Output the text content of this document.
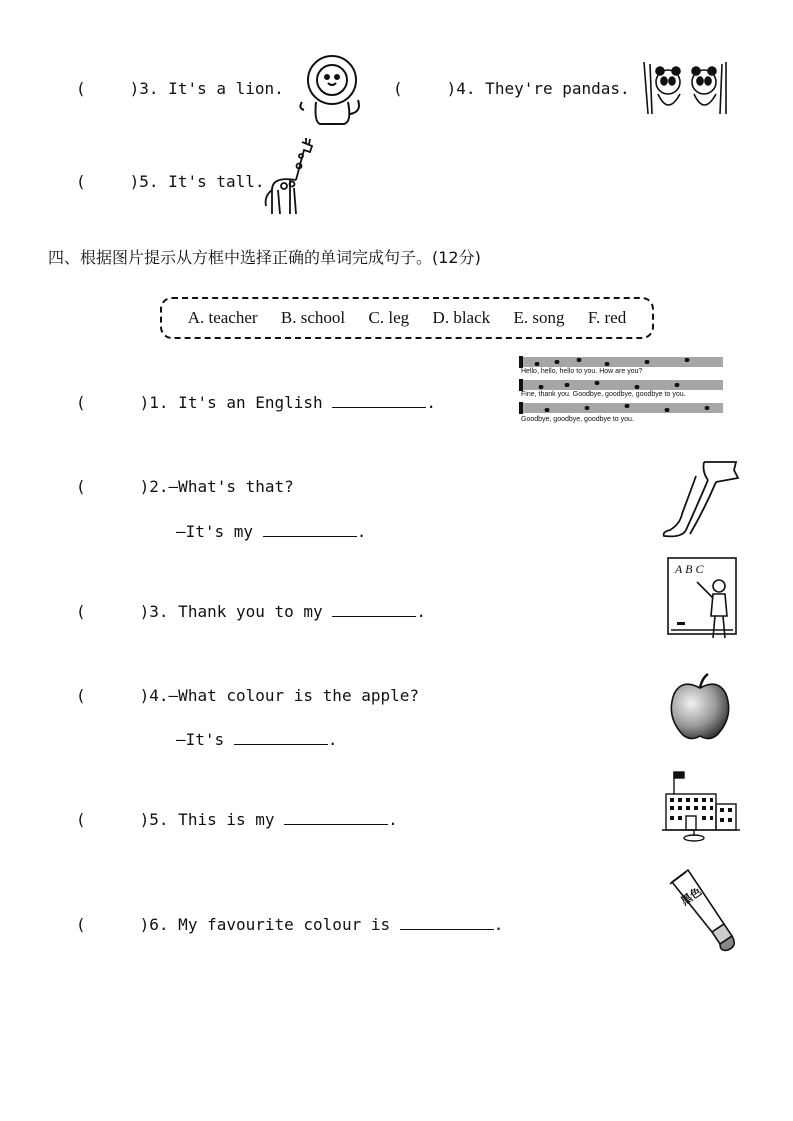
(	)3. It's a lion.	(	)4. They're pandas.
(	)5. It's tall.
四、根据图片提示从方框中选择正确的单词完成句子。(12分)
A. teacher B. school C. leg D. black E. song F. red
(	)1. It's an English	.
Hello, hello, hello to you. How are you?
Fine, thank you. Goodbye, goodbye, goodbye to you.
Goodbye, goodbye, goodbye to you.
(	)2.—What's that?
—It's my	.
(	)3. Thank you to my	.
A B C
(	)4.—What colour is the apple?
—It's	.
(	)5. This is my	.
(	)6. My favourite colour is	.
黑色
